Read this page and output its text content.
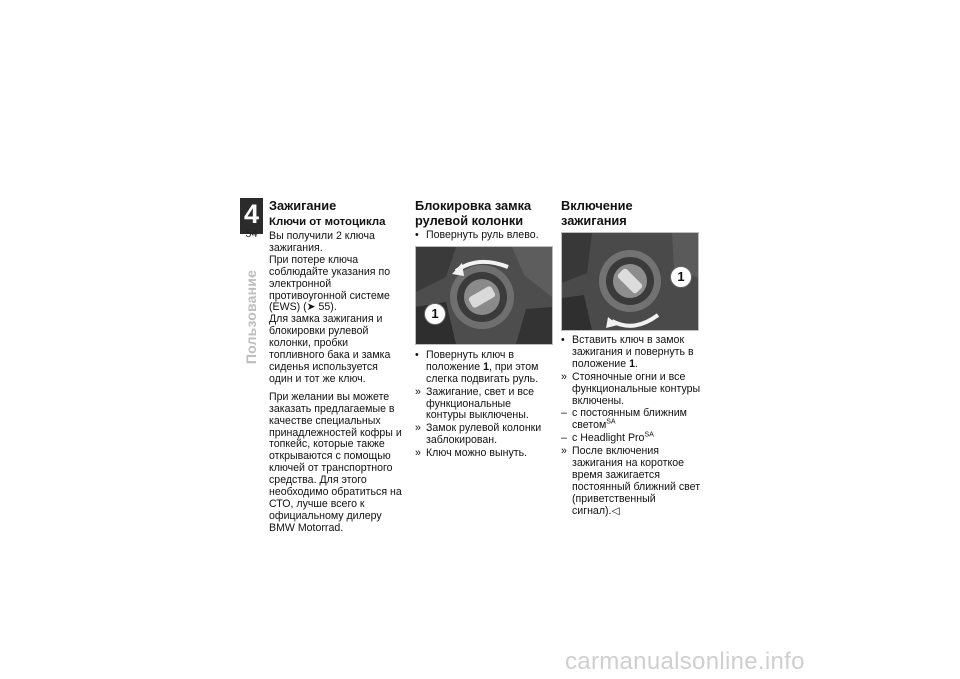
4
54
Пользование
Зажигание
Ключи от мотоцикла

Вы получили 2 ключа зажигания.

При потере ключа соблюдайте указания по электронной противоугонной системе (EWS) (➤ 55).

Для замка зажигания и блокировки рулевой колонки, пробки топливного бака и замка сиденья используется один и тот же ключ.

При желании вы можете заказать предлагаемые в качестве специальных принадлежностей кофры и топкейс, которые также открываются с помощью ключей от транспортного средства. Для этого необходимо обратиться на СТО, лучше всего к официальному дилеру BMW Motorrad.

Блокировка замка рулевой колонки
• Повернуть руль влево.
1
• Повернуть ключ в положение 1, при этом слегка подвигать руль.
» Зажигание, свет и все функциональные контуры выключены.
» Замок рулевой колонки заблокирован.
» Ключ можно вынуть.
Включение зажигания
1
• Вставить ключ в замок зажигания и повернуть в положение 1.
» Стояночные огни и все функциональные контуры включены.
– с постоянным ближним светом$^{SA}$
– с Headlight Pro$^{SA}$
» После включения зажигания на короткое время зажигается постоянный ближний свет (приветственный сигнал).◁
carmanualsonline.info
